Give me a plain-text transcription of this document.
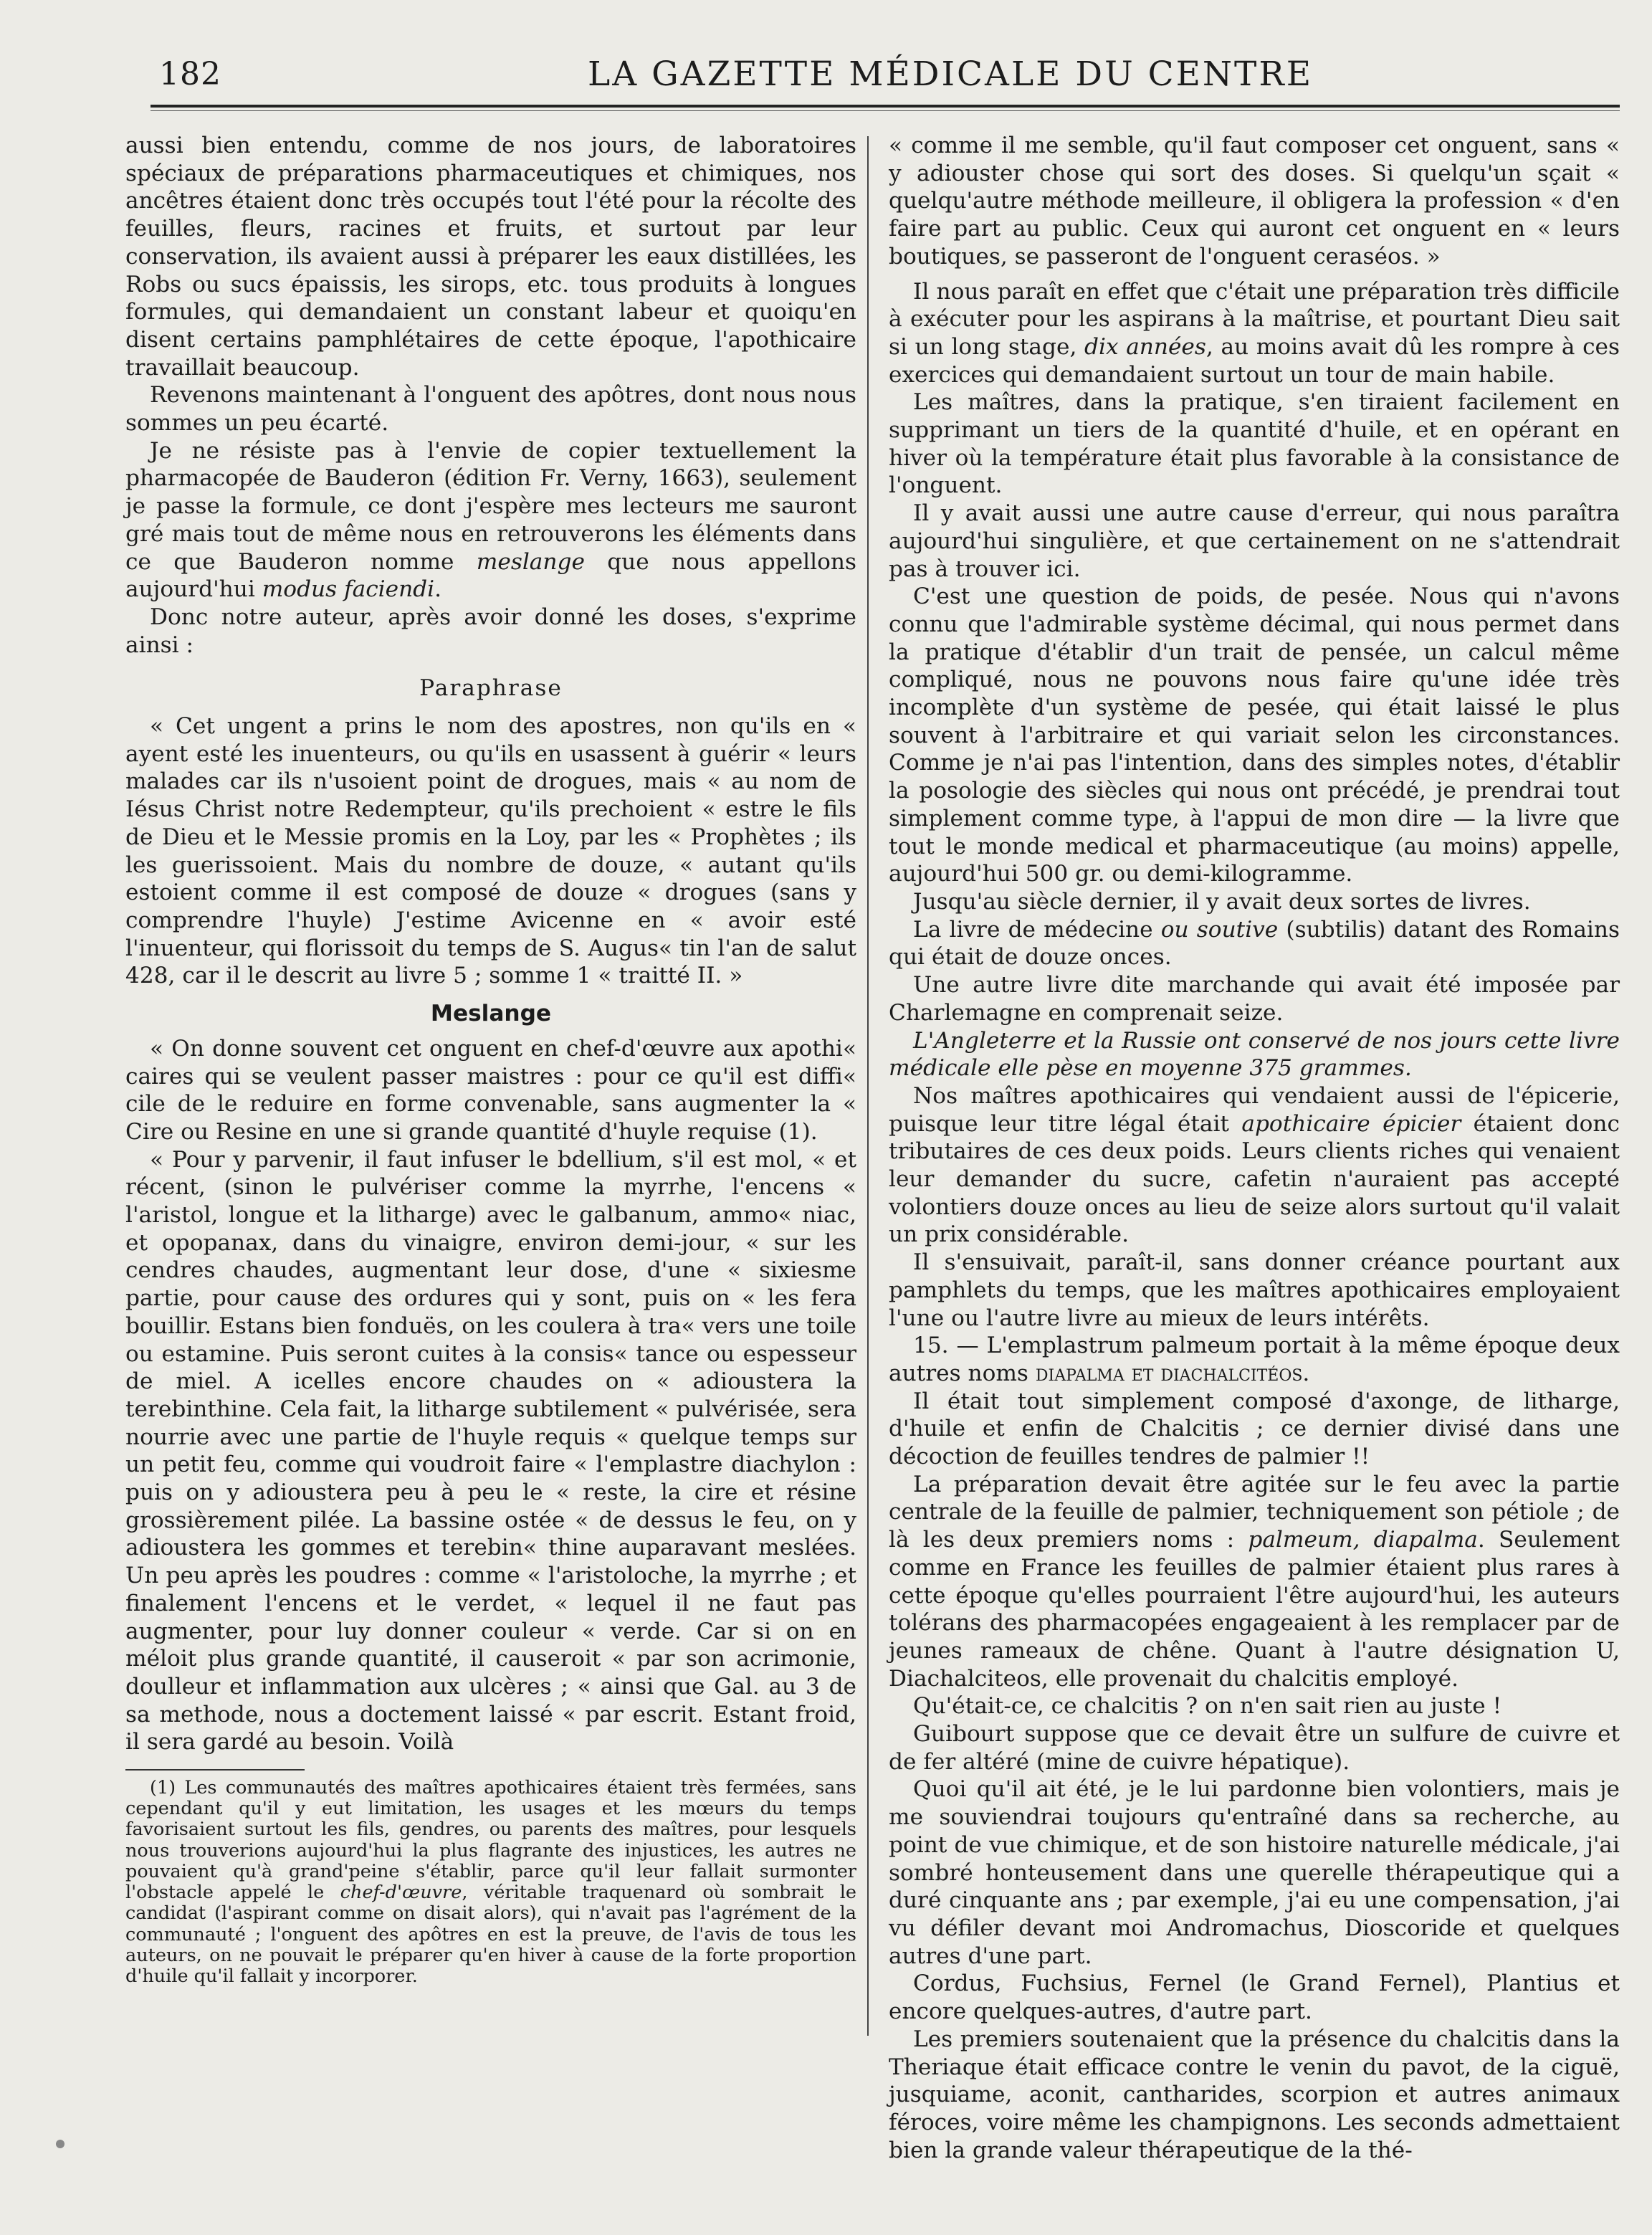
182	LA GAZETTE MÉDICALE DU CENTRE

aussi bien entendu, comme de nos jours, de laboratoires spéciaux de préparations pharmaceutiques et chimiques, nos ancêtres étaient donc très occupés tout l'été pour la récolte des feuilles, fleurs, racines et fruits, et surtout par leur conservation, ils avaient aussi à préparer les eaux distillées, les Robs ou sucs épaissis, les sirops, etc. tous produits à longues formules, qui demandaient un constant labeur et quoiqu'en disent certains pamphlétaires de cette époque, l'apothicaire travaillait beaucoup.

Revenons maintenant à l'onguent des apôtres, dont nous nous sommes un peu écarté.

Je ne résiste pas à l'envie de copier textuellement la pharmacopée de Bauderon (édition Fr. Verny, 1663), seulement je passe la formule, ce dont j'espère mes lecteurs me sauront gré mais tout de même nous en retrouverons les éléments dans ce que Bauderon nomme meslange que nous appellons aujourd'hui modus faciendi.

Donc notre auteur, après avoir donné les doses, s'exprime ainsi :

Paraphrase

« Cet ungent a prins le nom des apostres, non qu'ils en « ayent esté les inuenteurs, ou qu'ils en usassent à guérir « leurs malades car ils n'usoient point de drogues, mais « au nom de Iésus Christ notre Redempteur, qu'ils prechoient « estre le fils de Dieu et le Messie promis en la Loy, par les « Prophètes ; ils les guerissoient. Mais du nombre de douze, « autant qu'ils estoient comme il est composé de douze « drogues (sans y comprendre l'huyle) J'estime Avicenne en « avoir esté l'inuenteur, qui florissoit du temps de S. Augus« tin l'an de salut 428, car il le descrit au livre 5 ; somme 1 « traitté II. »

Meslange

« On donne souvent cet onguent en chef-d'œuvre aux apothi« caires qui se veulent passer maistres : pour ce qu'il est diffi« cile de le reduire en forme convenable, sans augmenter la « Cire ou Resine en une si grande quantité d'huyle requise (1).

« Pour y parvenir, il faut infuser le bdellium, s'il est mol, « et récent, (sinon le pulvériser comme la myrrhe, l'encens « l'aristol, longue et la litharge) avec le galbanum, ammo« niac, et opopanax, dans du vinaigre, environ demi-jour, « sur les cendres chaudes, augmentant leur dose, d'une « sixiesme partie, pour cause des ordures qui y sont, puis on « les fera bouillir. Estans bien fonduës, on les coulera à tra« vers une toile ou estamine. Puis seront cuites à la consis« tance ou espesseur de miel. A icelles encore chaudes on « adioustera la terebinthine. Cela fait, la litharge subtilement « pulvérisée, sera nourrie avec une partie de l'huyle requis « quelque temps sur un petit feu, comme qui voudroit faire « l'emplastre diachylon : puis on y adioustera peu à peu le « reste, la cire et résine grossièrement pilée. La bassine ostée « de dessus le feu, on y adioustera les gommes et terebin« thine auparavant meslées. Un peu après les poudres : comme « l'aristoloche, la myrrhe ; et finalement l'encens et le verdet, « lequel il ne faut pas augmenter, pour luy donner couleur « verde. Car si on en méloit plus grande quantité, il causeroit « par son acrimonie, doulleur et inflammation aux ulcères ; « ainsi que Gal. au 3 de sa methode, nous a doctement laissé « par escrit. Estant froid, il sera gardé au besoin. Voilà

(1) Les communautés des maîtres apothicaires étaient très fermées, sans cependant qu'il y eut limitation, les usages et les mœurs du temps favorisaient surtout les fils, gendres, ou parents des maîtres, pour lesquels nous trouverions aujourd'hui la plus flagrante des injustices, les autres ne pouvaient qu'à grand'peine s'établir, parce qu'il leur fallait surmonter l'obstacle appelé le chef-d'œuvre, véritable traquenard où sombrait le candidat (l'aspirant comme on disait alors), qui n'avait pas l'agrément de la communauté ; l'onguent des apôtres en est la preuve, de l'avis de tous les auteurs, on ne pouvait le préparer qu'en hiver à cause de la forte proportion d'huile qu'il fallait y incorporer.

« comme il me semble, qu'il faut composer cet onguent, sans « y adiouster chose qui sort des doses. Si quelqu'un sçait « quelqu'autre méthode meilleure, il obligera la profession « d'en faire part au public. Ceux qui auront cet onguent en « leurs boutiques, se passeront de l'onguent ceraséos. »

Il nous paraît en effet que c'était une préparation très difficile à exécuter pour les aspirans à la maîtrise, et pourtant Dieu sait si un long stage, dix années, au moins avait dû les rompre à ces exercices qui demandaient surtout un tour de main habile.

Les maîtres, dans la pratique, s'en tiraient facilement en supprimant un tiers de la quantité d'huile, et en opérant en hiver où la température était plus favorable à la consistance de l'onguent.

Il y avait aussi une autre cause d'erreur, qui nous paraîtra aujourd'hui singulière, et que certainement on ne s'attendrait pas à trouver ici.

C'est une question de poids, de pesée. Nous qui n'avons connu que l'admirable système décimal, qui nous permet dans la pratique d'établir d'un trait de pensée, un calcul même compliqué, nous ne pouvons nous faire qu'une idée très incomplète d'un système de pesée, qui était laissé le plus souvent à l'arbitraire et qui variait selon les circonstances. Comme je n'ai pas l'intention, dans des simples notes, d'établir la posologie des siècles qui nous ont précédé, je prendrai tout simplement comme type, à l'appui de mon dire — la livre que tout le monde medical et pharmaceutique (au moins) appelle, aujourd'hui 500 gr. ou demi-kilogramme.

Jusqu'au siècle dernier, il y avait deux sortes de livres.

La livre de médecine ou soutive (subtilis) datant des Romains qui était de douze onces.

Une autre livre dite marchande qui avait été imposée par Charlemagne en comprenait seize.

L'Angleterre et la Russie ont conservé de nos jours cette livre médicale elle pèse en moyenne 375 grammes.

Nos maîtres apothicaires qui vendaient aussi de l'épicerie, puisque leur titre légal était apothicaire épicier étaient donc tributaires de ces deux poids. Leurs clients riches qui venaient leur demander du sucre, cafetin n'auraient pas accepté volontiers douze onces au lieu de seize alors surtout qu'il valait un prix considérable.

Il s'ensuivait, paraît-il, sans donner créance pourtant aux pamphlets du temps, que les maîtres apothicaires employaient l'une ou l'autre livre au mieux de leurs intérêts.

15. — L'emplastrum palmeum portait à la même époque deux autres noms diapalma et diachalcitéos.

Il était tout simplement composé d'axonge, de litharge, d'huile et enfin de Chalcitis ; ce dernier divisé dans une décoction de feuilles tendres de palmier !!

La préparation devait être agitée sur le feu avec la partie centrale de la feuille de palmier, techniquement son pétiole ; de là les deux premiers noms : palmeum, diapalma. Seulement comme en France les feuilles de palmier étaient plus rares à cette époque qu'elles pourraient l'être aujourd'hui, les auteurs tolérans des pharmacopées engageaient à les remplacer par de jeunes rameaux de chêne. Quant à l'autre désignation U, Diachalciteos, elle provenait du chalcitis employé.

Qu'était-ce, ce chalcitis ? on n'en sait rien au juste !

Guibourt suppose que ce devait être un sulfure de cuivre et de fer altéré (mine de cuivre hépatique).

Quoi qu'il ait été, je le lui pardonne bien volontiers, mais je me souviendrai toujours qu'entraîné dans sa recherche, au point de vue chimique, et de son histoire naturelle médicale, j'ai sombré honteusement dans une querelle thérapeutique qui a duré cinquante ans ; par exemple, j'ai eu une compensation, j'ai vu défiler devant moi Andromachus, Dioscoride et quelques autres d'une part.

Cordus, Fuchsius, Fernel (le Grand Fernel), Plantius et encore quelques-autres, d'autre part.

Les premiers soutenaient que la présence du chalcitis dans la Theriaque était efficace contre le venin du pavot, de la ciguë, jusquiame, aconit, cantharides, scorpion et autres animaux féroces, voire même les champignons. Les seconds admettaient bien la grande valeur thérapeutique de la thé-
